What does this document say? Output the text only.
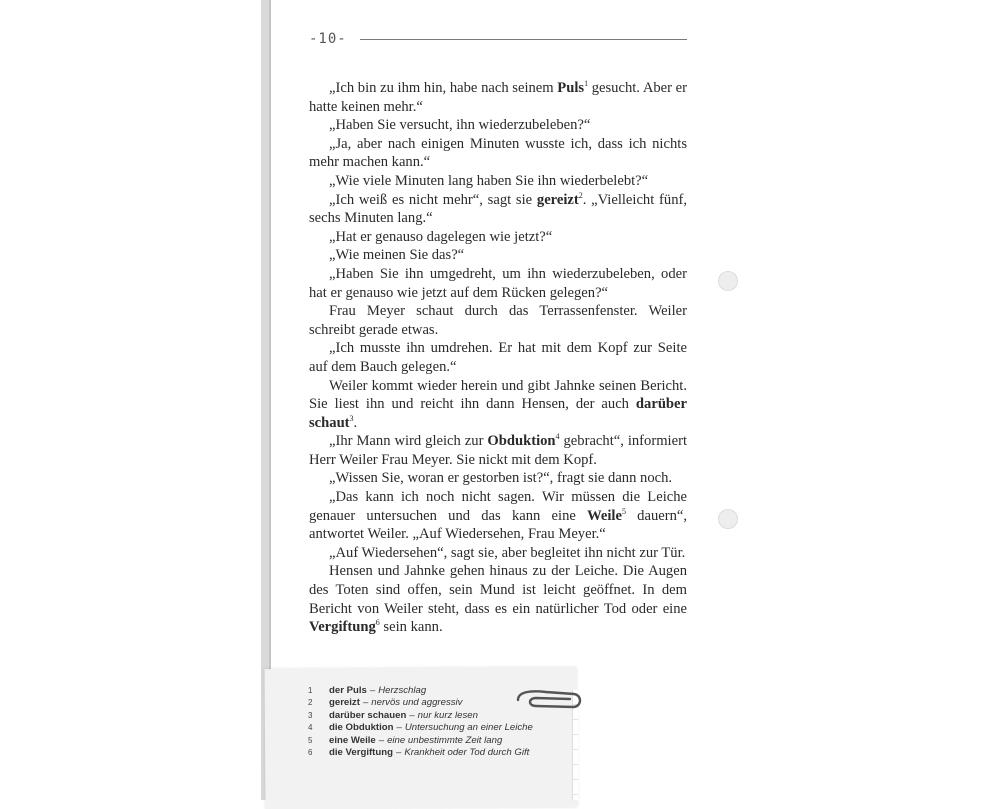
-10-

„Ich bin zu ihm hin, habe nach seinem Puls$^1$ gesucht. Aber er hatte keinen mehr.“

„Haben Sie versucht, ihn wiederzubeleben?“

„Ja, aber nach einigen Minuten wusste ich, dass ich nichts mehr machen kann.“

„Wie viele Minuten lang haben Sie ihn wiederbelebt?“

„Ich weiß es nicht mehr“, sagt sie gereizt$^2$. „Vielleicht fünf, sechs Minuten lang.“

„Hat er genauso dagelegen wie jetzt?“

„Wie meinen Sie das?“

„Haben Sie ihn umgedreht, um ihn wiederzubeleben, oder hat er genauso wie jetzt auf dem Rücken gelegen?“

Frau Meyer schaut durch das Terrassenfenster. Weiler schreibt gerade etwas.

„Ich musste ihn umdrehen. Er hat mit dem Kopf zur Seite auf dem Bauch gelegen.“

Weiler kommt wieder herein und gibt Jahnke seinen Bericht. Sie liest ihn und reicht ihn dann Hensen, der auch darüber schaut$^3$.

„Ihr Mann wird gleich zur Obduktion$^4$ gebracht“, informiert Herr Weiler Frau Meyer. Sie nickt mit dem Kopf.

„Wissen Sie, woran er gestorben ist?“, fragt sie dann noch.

„Das kann ich noch nicht sagen. Wir müssen die Leiche genauer untersuchen und das kann eine Weile$^5$ dauern“, antwortet Weiler. „Auf Wiedersehen, Frau Meyer.“

„Auf Wiedersehen“, sagt sie, aber begleitet ihn nicht zur Tür.

Hensen und Jahnke gehen hinaus zu der Leiche. Die Augen des Toten sind offen, sein Mund ist leicht geöffnet. In dem Bericht von Weiler steht, dass es ein natürlicher Tod oder eine Vergiftung$^6$ sein kann.

1	der Puls – Herzschlag
2	gereizt – nervös und aggressiv
3	darüber schauen – nur kurz lesen
4	die Obduktion – Untersuchung an einer Leiche
5	eine Weile – eine unbestimmte Zeit lang
6	die Vergiftung – Krankheit oder Tod durch Gift
